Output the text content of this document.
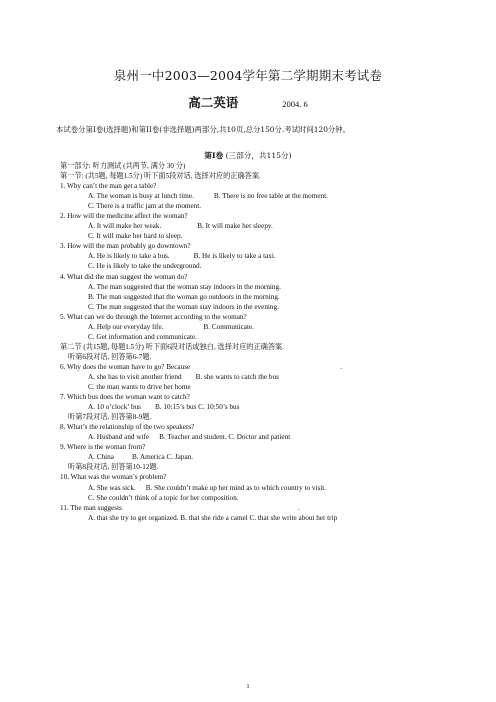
泉州一中2003—2004学年第二学期期末考试卷
高二英语	2004. 6
本试卷分第I卷(选择题)和第II卷(非选择题)两部分,共10页,总分150分.考试时间120分钟。
第I卷 (三部分，共115分)
第一部分: 听力测试 (共两节, 满分 30 分)
第一节: (共5题, 每题1.5分) 听下面5段对话, 选择对应的正确答案.
1. Why can’t the man get a table?
A. The woman is busy at lunch time.	B. There is no free table at the moment.
C. There is a traffic jam at the moment.
2. How will the medicine affect the woman?
A. It will make her weak.	B. It will make her sleepy.
C. It will make her hard to sleep.
3. How will the man probably go downtown?
A. He is likely to take a bus.	B. He is likely to take a taxi.
C. He is likely to take the underground.
4. What did the man suggest the woman do?
A. The man suggested that the woman stay indoors in the morning.
B. The man suggested that the woman go outdoors in the morning.
C. The man suggested that the woman stay indoors in the evening.
5. What can we do through the Internet according to the woman?
A. Help our everyday life.	B. Communicate.
C. Get information and communicate.
第二节 (共15题, 每题1.5分) 听下面6段对话或独白, 选择对应的正确答案.
听第6段对话, 回答第6-7题.
6. Why does the woman have to go? Because	.
A. she has to visit another friend B. she wants to catch the bus
C. the man wants to drive her home
7. Which bus does the woman want to catch?
A. 10 o’clock’ bus B. 10:15’s bus C. 10:50’s bus
听第7段对话, 回答第8-9题.
8. What’s the relationship of the two speakers?
A. Husband and wife B. Teacher and student. C. Doctor and patient
9. Where is the woman from?
A. China	B. America C. Japan.
听第8段对话, 回答第10-12题.
10. What was the woman’s problem?
A. She was sick. B. She couldn’t make up her mind as to which country to visit.
C. She couldn’t think of a topic for her composition.
11. The man suggests	.
A. that she try to get organized. B. that she ride a camel C. that she write about her trip
1
